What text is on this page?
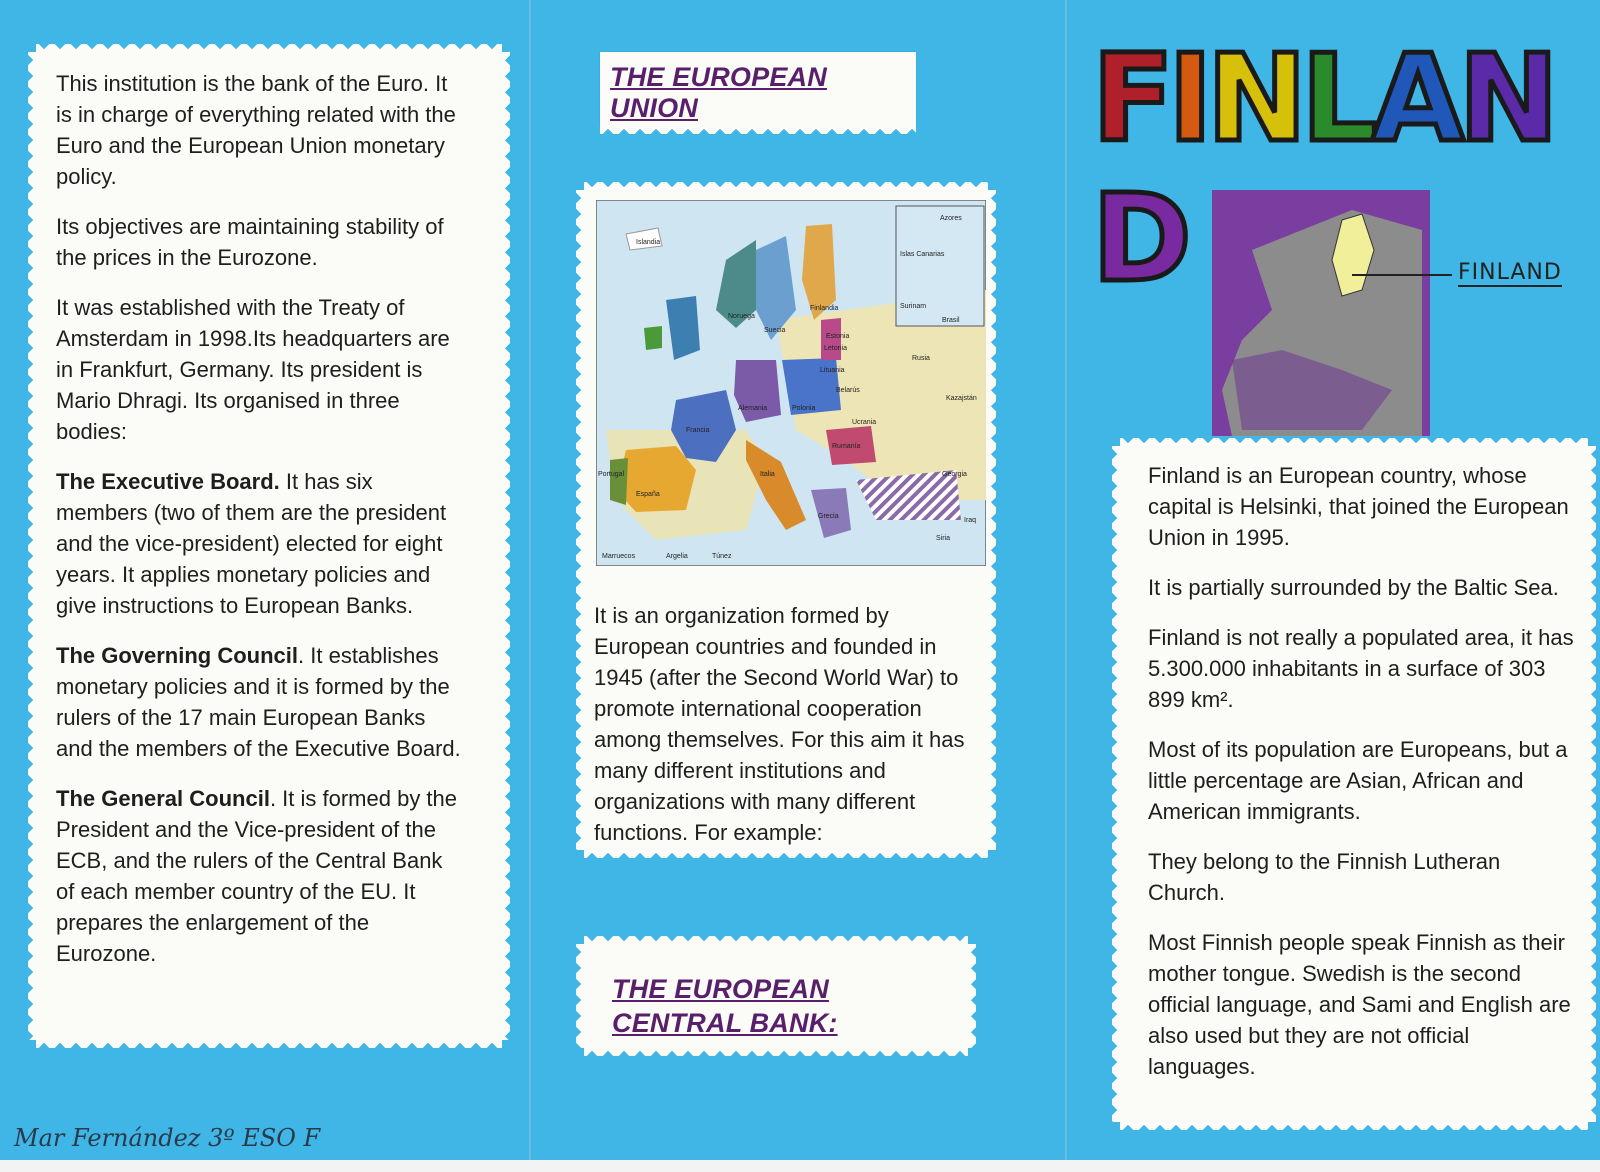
This institution is the bank of the Euro. It is in charge of everything related with the Euro and the European Union monetary policy.

Its objectives are maintaining stability of the prices in the Eurozone.

It was established with the Treaty of Amsterdam in 1998.Its headquarters are in Frankfurt, Germany. Its president is Mario Dhragi. Its organised in three bodies:

The Executive Board. It has six members (two of them are the president and the vice-president) elected for eight years. It applies monetary policies and give instructions to European Banks.

The Governing Council. It establishes monetary policies and it is formed by the rulers of the 17 main European Banks and the members of the Executive Board.

The General Council. It is formed by the President and the Vice-president of the ECB, and the rulers of the Central Bank of each member country of the EU. It prepares the enlargement of the Eurozone.

THE EUROPEAN UNION
Islandia
Finlandia
Noruega
Suecia
Estonia
Letonia
Lituania
Rusia
Belarús
Ucrania
Polonia
Alemania
Francia
España
Portugal	Italia
Rumanía
Grecia
Kazajstán
Georgia
Siria
Iraq
Marruecos	Argelia	Túnez
Islas Canarias
Azores
Surinam
Brasil
It is an organization formed by European countries and founded in 1945 (after the Second World War) to promote international cooperation among themselves. For this aim it has many different institutions and organizations with many different functions. For example:
THE EUROPEAN CENTRAL BANK:
FINLAND	FINLAND

Finland is an European country, whose capital is Helsinki, that joined the European Union in 1995.

It is partially surrounded by the Baltic Sea.

Finland is not really a populated area, it has 5.300.000 inhabitants in a surface of 303 899 km².

Most of its population are Europeans, but a little percentage are Asian, African and American immigrants.

They belong to the Finnish Lutheran Church.

Most Finnish people speak Finnish as their mother tongue. Swedish is the second official language, and Sami and English are also used but they are not official languages.

Mar Fernández 3º ESO F
